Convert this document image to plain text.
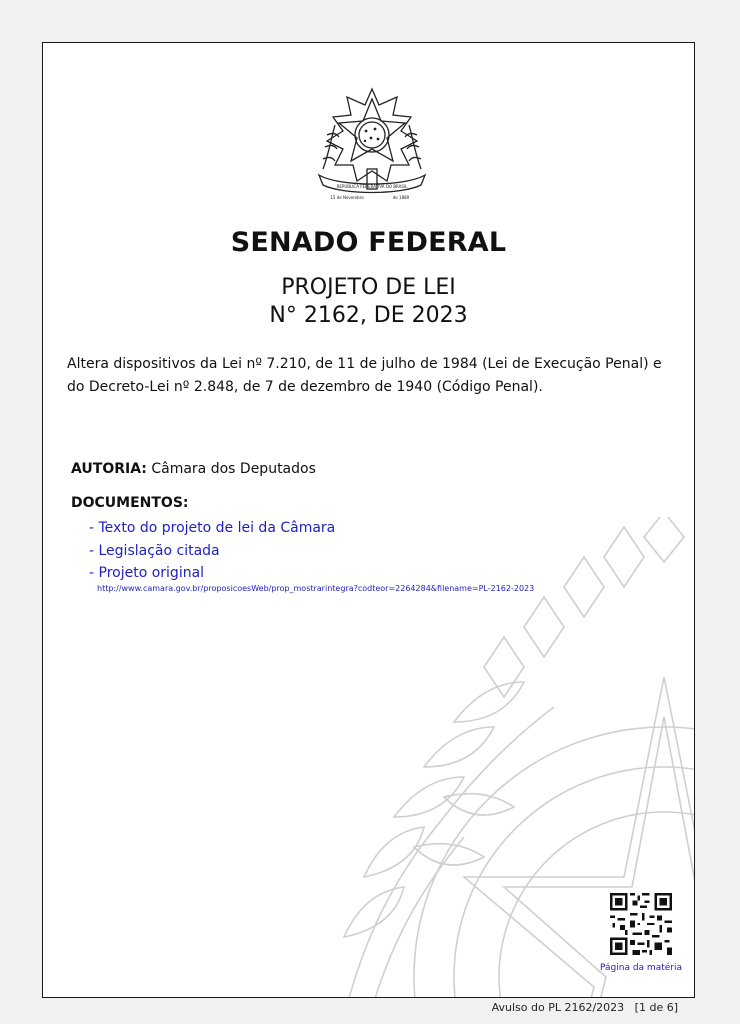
REPÚBLICA FEDERATIVA DO BRASIL
15 de Novembro	de 1889
SENADO FEDERAL
PROJETO DE LEI
N° 2162, DE 2023
Altera dispositivos da Lei nº 7.210, de 11 de julho de 1984 (Lei de Execução Penal) e do Decreto-Lei nº 2.848, de 7 de dezembro de 1940 (Código Penal).
AUTORIA: Câmara dos Deputados
DOCUMENTOS:
- Texto do projeto de lei da Câmara
- Legislação citada
- Projeto original
http://www.camara.gov.br/proposicoesWeb/prop_mostrarintegra?codteor=2264284&filename=PL-2162-2023
Página da matéria
Avulso do PL 2162/2023 [1 de 6]
